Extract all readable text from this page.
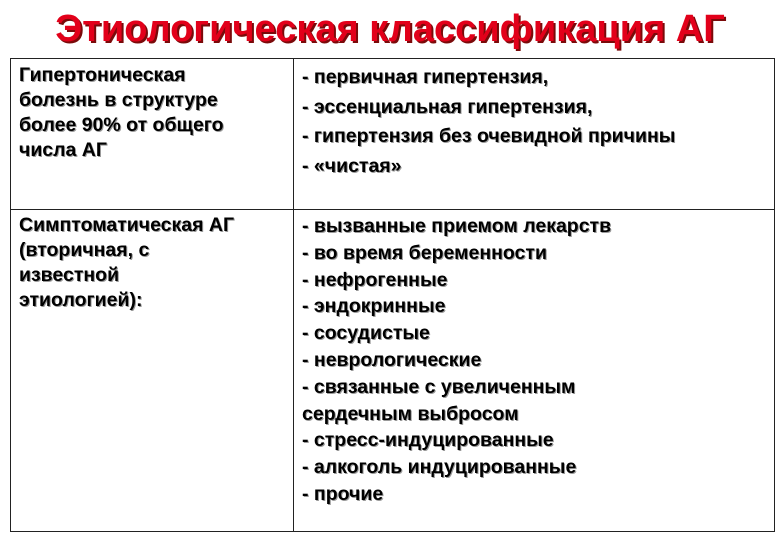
Этиологическая классификация АГ
Гипертоническая
болезнь в структуре
более 90% от общего
числа АГ
- первичная гипертензия,
- эссенциальная гипертензия,
- гипертензия без очевидной причины
- «чистая»
Симптоматическая АГ
(вторичная, с
известной
этиологией):
- вызванные приемом лекарств
- во время беременности
- нефрогенные
- эндокринные
- сосудистые
- неврологические
- связанные с увеличенным
сердечным выбросом
- стресс-индуцированные
- алкоголь индуцированные
- прочие
